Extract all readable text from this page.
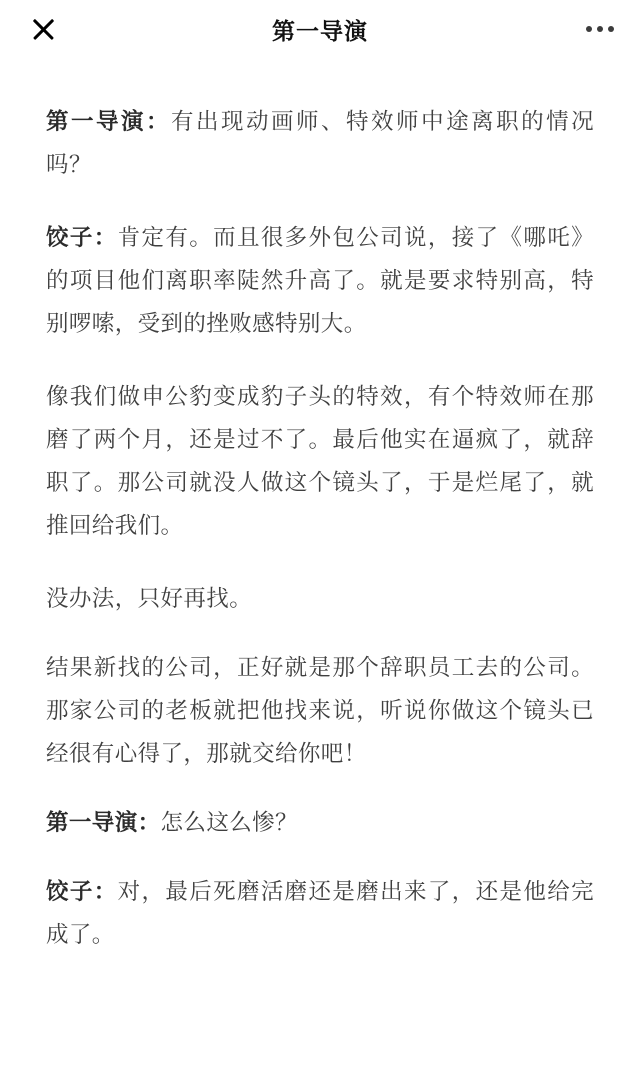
第一导演

第一导演：有出现动画师、特效师中途离职的情况吗？

饺子：肯定有。而且很多外包公司说，接了《哪吒》的项目他们离职率陡然升高了。就是要求特别高，特别啰嗦，受到的挫败感特别大。

像我们做申公豹变成豹子头的特效，有个特效师在那磨了两个月，还是过不了。最后他实在逼疯了，就辞职了。那公司就没人做这个镜头了，于是烂尾了，就推回给我们。

没办法，只好再找。

结果新找的公司，正好就是那个辞职员工去的公司。那家公司的老板就把他找来说，听说你做这个镜头已经很有心得了，那就交给你吧！

第一导演：怎么这么惨？

饺子：对，最后死磨活磨还是磨出来了，还是他给完成了。
